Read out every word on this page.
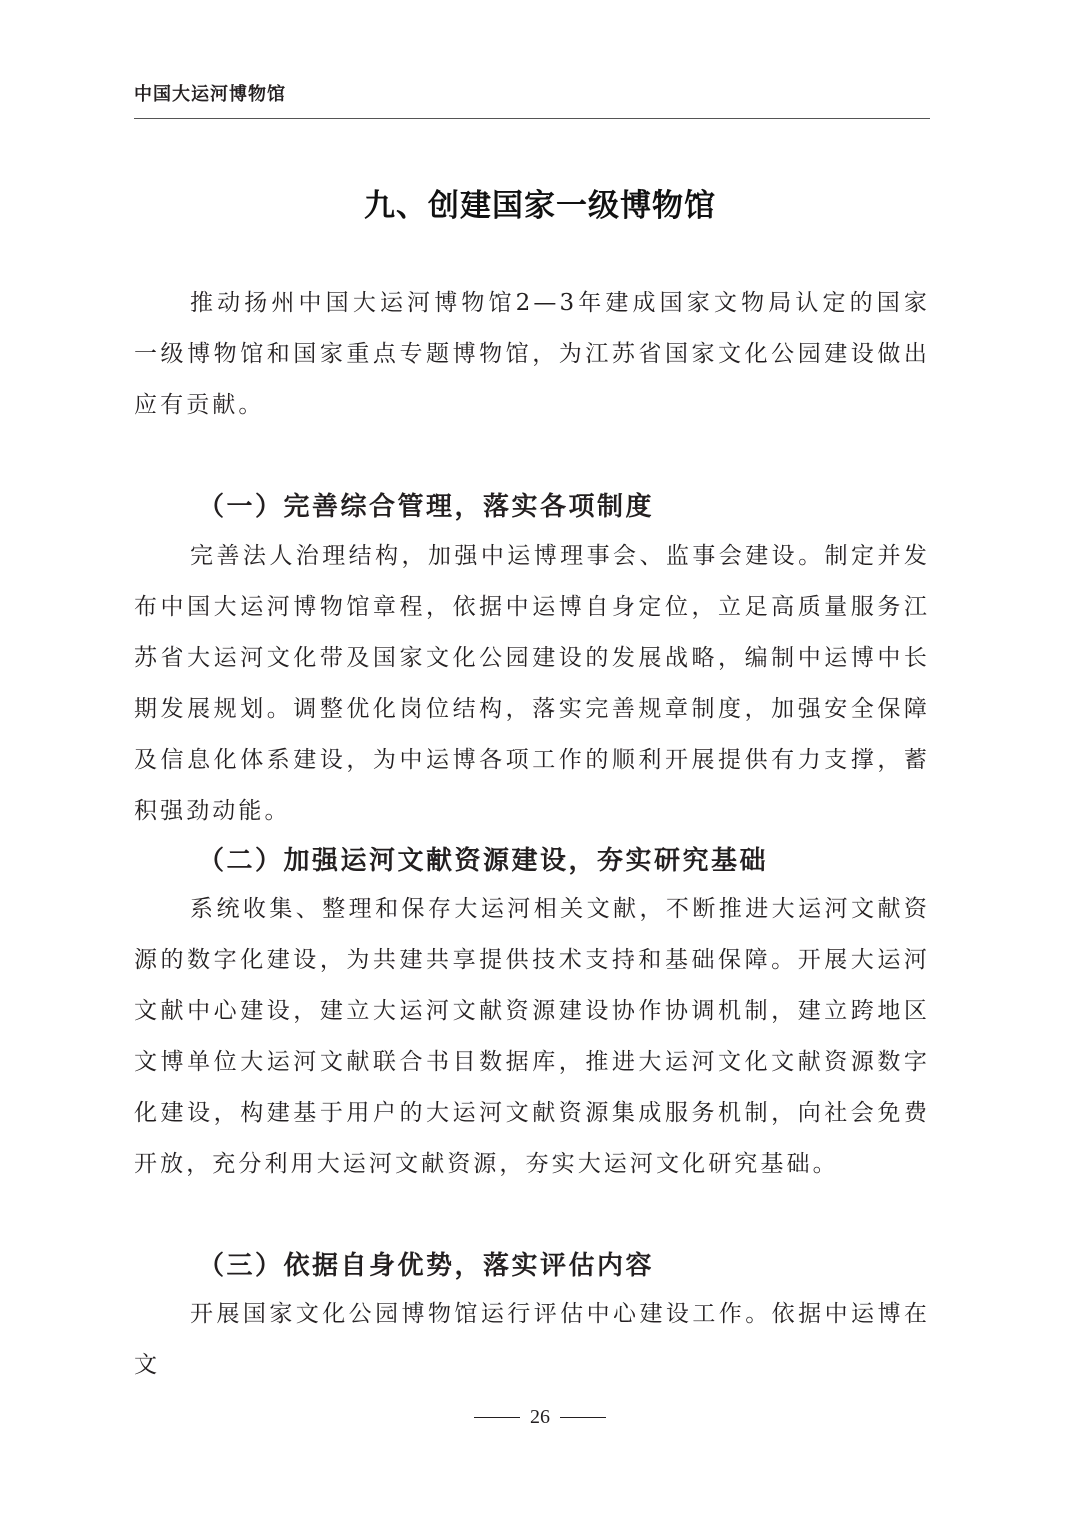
中国大运河博物馆
九、创建国家一级博物馆

推动扬州中国大运河博物馆2—3年建成国家文物局认定的国家一级博物馆和国家重点专题博物馆，为江苏省国家文化公园建设做出应有贡献。

（一）完善综合管理，落实各项制度

完善法人治理结构，加强中运博理事会、监事会建设。制定并发布中国大运河博物馆章程，依据中运博自身定位，立足高质量服务江苏省大运河文化带及国家文化公园建设的发展战略，编制中运博中长期发展规划。调整优化岗位结构，落实完善规章制度，加强安全保障及信息化体系建设，为中运博各项工作的顺利开展提供有力支撑，蓄积强劲动能。

（二）加强运河文献资源建设，夯实研究基础

系统收集、整理和保存大运河相关文献，不断推进大运河文献资源的数字化建设，为共建共享提供技术支持和基础保障。开展大运河文献中心建设，建立大运河文献资源建设协作协调机制，建立跨地区文博单位大运河文献联合书目数据库，推进大运河文化文献资源数字化建设，构建基于用户的大运河文献资源集成服务机制，向社会免费开放，充分利用大运河文献资源，夯实大运河文化研究基础。

（三）依据自身优势，落实评估内容

开展国家文化公园博物馆运行评估中心建设工作。依据中运博在文

26
